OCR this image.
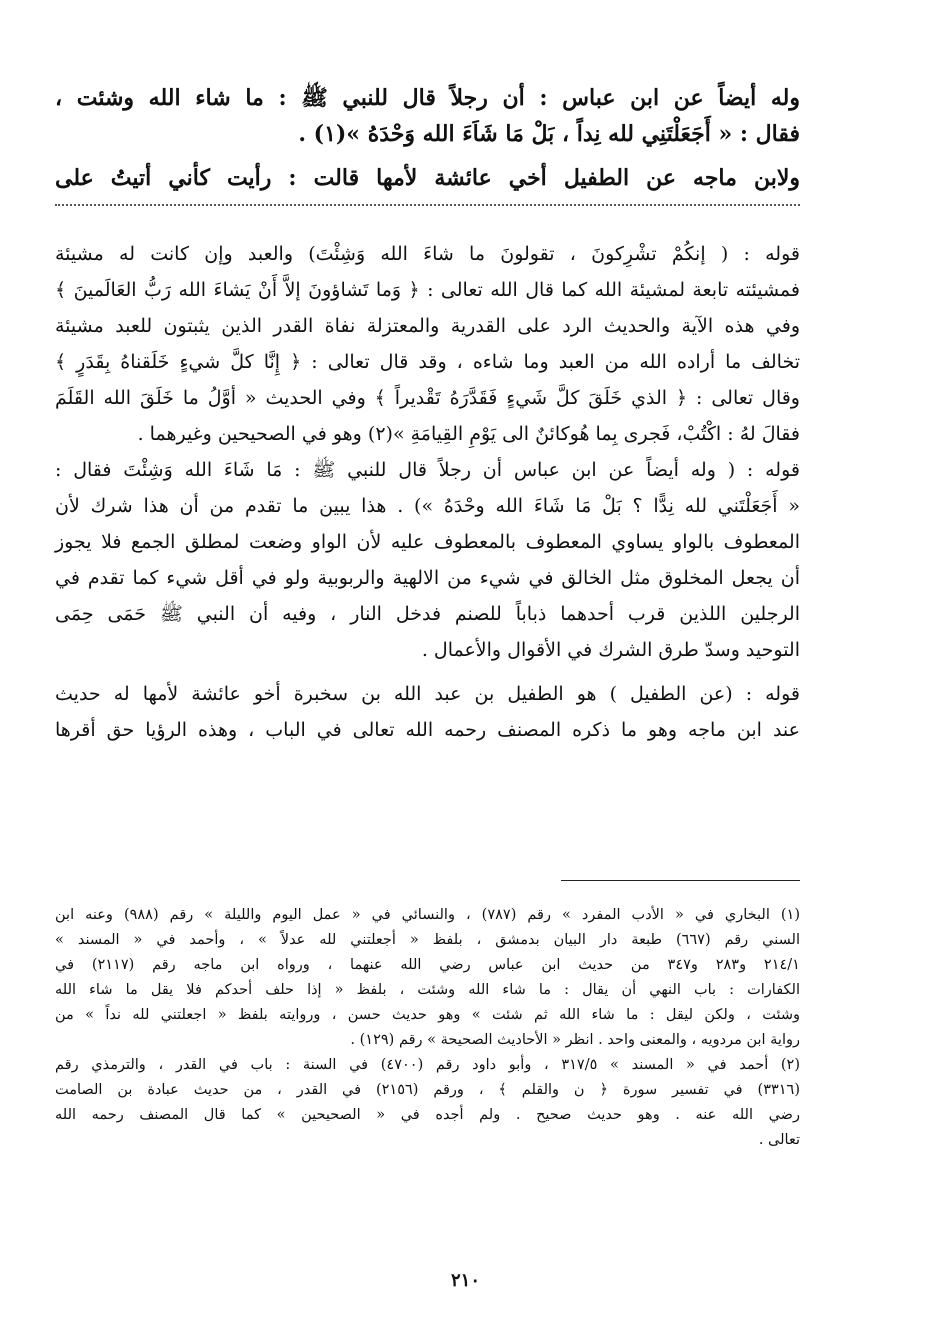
وله أيضاً عن ابن عباس : أن رجلاً قال للنبي ﷺ : ما شاء الله وشئت ،
فقال : « أَجَعَلْتَنِي لله نِداً ، بَلْ مَا شَاَءَ الله وَحْدَهُ »(١) .
ولابن ماجه عن الطفيل أخي عائشة لأمها قالت : رأيت كأني أتيتُ على
قوله : ( إنكُمْ تشْرِكونَ ، تقولونَ ما شاءَ الله وَشِئْتَ) والعبد وإن كانت له مشيئة
فمشيئته تابعة لمشيئة الله كما قال الله تعالى : ﴿ وَما تَشاؤونَ إلاَّ أَنْ يَشاءَ الله رَبُّ العَالَمينَ ﴾
وفي هذه الآية والحديث الرد على القدرية والمعتزلة نفاة القدر الذين يثبتون للعبد مشيئة
تخالف ما أراده الله من العبد وما شاءه ، وقد قال تعالى : ﴿ إِنَّا كلَّ شيءٍ خَلَقناهُ بِقَدَرٍ ﴾
وقال تعالى : ﴿ الذي خَلَقَ كلَّ شَيءٍ فَقَدَّرَهُ تَقْديراً ﴾ وفي الحديث « أوَّلُ ما خَلَقَ الله القَلَمَ
فقالَ لهُ : اكْتُبْ، فَجرى بِما هُوكائنٌ الى يَوْمِ القِيامَةِ »(٢) وهو في الصحيحين وغيرهما .
قوله : ( وله أيضاً عن ابن عباس أن رجلاً قال للنبي ﷺ : مَا شَاءَ الله وَشِئْتَ فقال :
« أَجَعَلْتَني لله نِدًّا ؟ بَلْ مَا شَاءَ الله وحْدَهُ ») . هذا يبين ما تقدم من أن هذا شرك لأن
المعطوف بالواو يساوي المعطوف بالمعطوف عليه لأن الواو وضعت لمطلق الجمع فلا يجوز
أن يجعل المخلوق مثل الخالق في شيء من الالهية والربوبية ولو في أقل شيء كما تقدم في
الرجلين اللذين قرب أحدهما ذباباً للصنم فدخل النار ، وفيه أن النبي ﷺ حَمَى حِمَى
التوحيد وسدّ طرق الشرك في الأقوال والأعمال .
قوله : (عن الطفيل ) هو الطفيل بن عبد الله بن سخبرة أخو عائشة لأمها له حديث
عند ابن ماجه وهو ما ذكره المصنف رحمه الله تعالى في الباب ، وهذه الرؤيا حق أقرها
(١) البخاري في « الأدب المفرد » رقم (٧٨٧) ، والنسائي في « عمل اليوم والليلة » رقم (٩٨٨) وعنه ابن
السني رقم (٦٦٧) طبعة دار البيان بدمشق ، بلفظ « أجعلتني لله عدلاً » ، وأحمد في « المسند »
٢١٤/١ و٢٨٣ و٣٤٧ من حديث ابن عباس رضي الله عنهما ، ورواه ابن ماجه رقم (٢١١٧) في
الكفارات : باب النهي أن يقال : ما شاء الله وشئت ، بلفظ « إذا حلف أحدكم فلا يقل ما شاء الله
وشئت ، ولكن ليقل : ما شاء الله ثم شئت » وهو حديث حسن ، وروايته بلفظ « اجعلتني لله نداً » من
رواية ابن مردويه ، والمعنى واحد . انظر « الأحاديث الصحيحة » رقم (١٢٩) .
(٢) أحمد في « المسند » ٣١٧/٥ ، وأبو داود رقم (٤٧٠٠) في السنة : باب في القدر ، والترمذي رقم
(٣٣١٦) في تفسير سورة ﴿ ن والقلم ﴾ ، ورقم (٢١٥٦) في القدر ، من حديث عبادة بن الصامت
رضي الله عنه . وهو حديث صحيح . ولم أجده في « الصحيحين » كما قال المصنف رحمه الله
تعالى .
٢١٠
